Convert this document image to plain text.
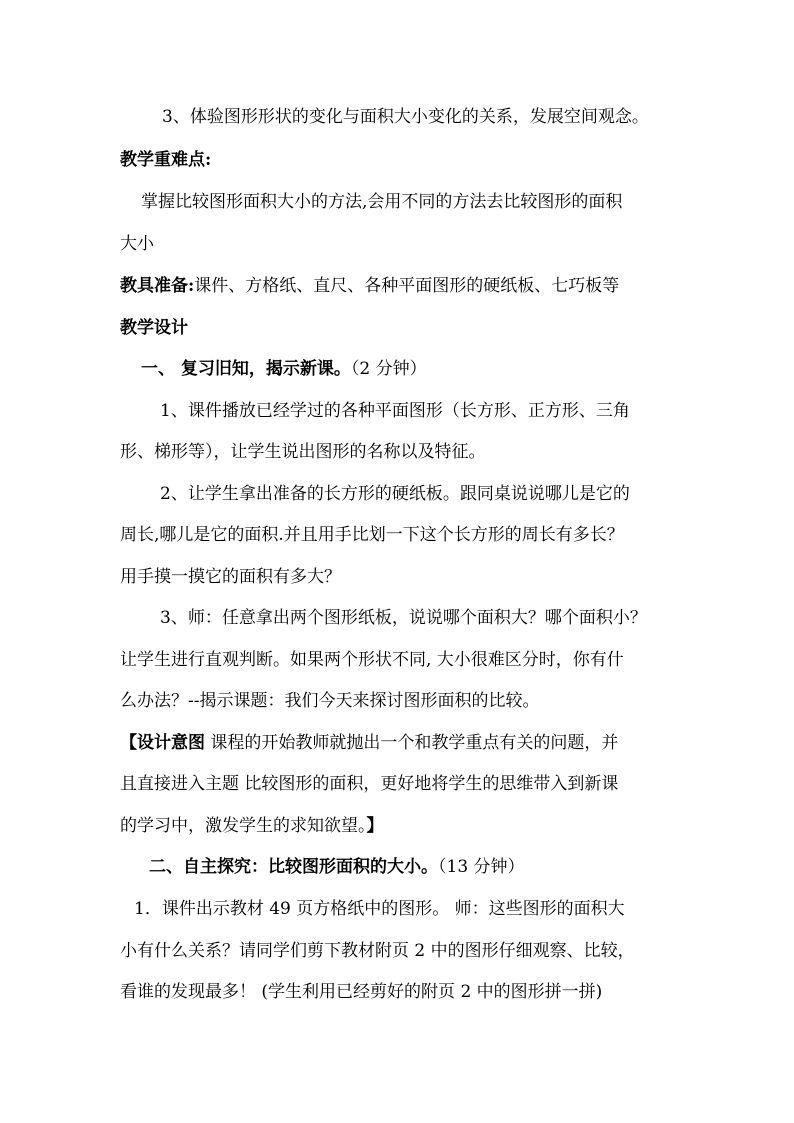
3、体验图形形状的变化与面积大小变化的关系，发展空间观念。
教学重难点:
掌握比较图形面积大小的方法,会用不同的方法去比较图形的面积
大小
教具准备:课件、方格纸、直尺、各种平面图形的硬纸板、七巧板等
教学设计
一、 复习旧知，揭示新课。（2 分钟）
1、课件播放已经学过的各种平面图形（长方形、正方形、三角
形、梯形等），让学生说出图形的名称以及特征。
2、让学生拿出准备的长方形的硬纸板。跟同桌说说哪儿是它的
周长,哪儿是它的面积.并且用手比划一下这个长方形的周长有多长？
用手摸一摸它的面积有多大？
3、师：任意拿出两个图形纸板，说说哪个面积大？哪个面积小？
让学生进行直观判断。如果两个形状不同, 大小很难区分时，你有什
么办法？--揭示课题：我们今天来探讨图形面积的比较。
【设计意图 课程的开始教师就抛出一个和教学重点有关的问题，并
且直接进入主题 比较图形的面积，更好地将学生的思维带入到新课
的学习中，激发学生的求知欲望。】
二、自主探究：比较图形面积的大小。（13 分钟）
1．课件出示教材 49 页方格纸中的图形。 师：这些图形的面积大
小有什么关系？请同学们剪下教材附页 2 中的图形仔细观察、比较，
看谁的发现最多！ (学生利用已经剪好的附页 2 中的图形拼一拼)
